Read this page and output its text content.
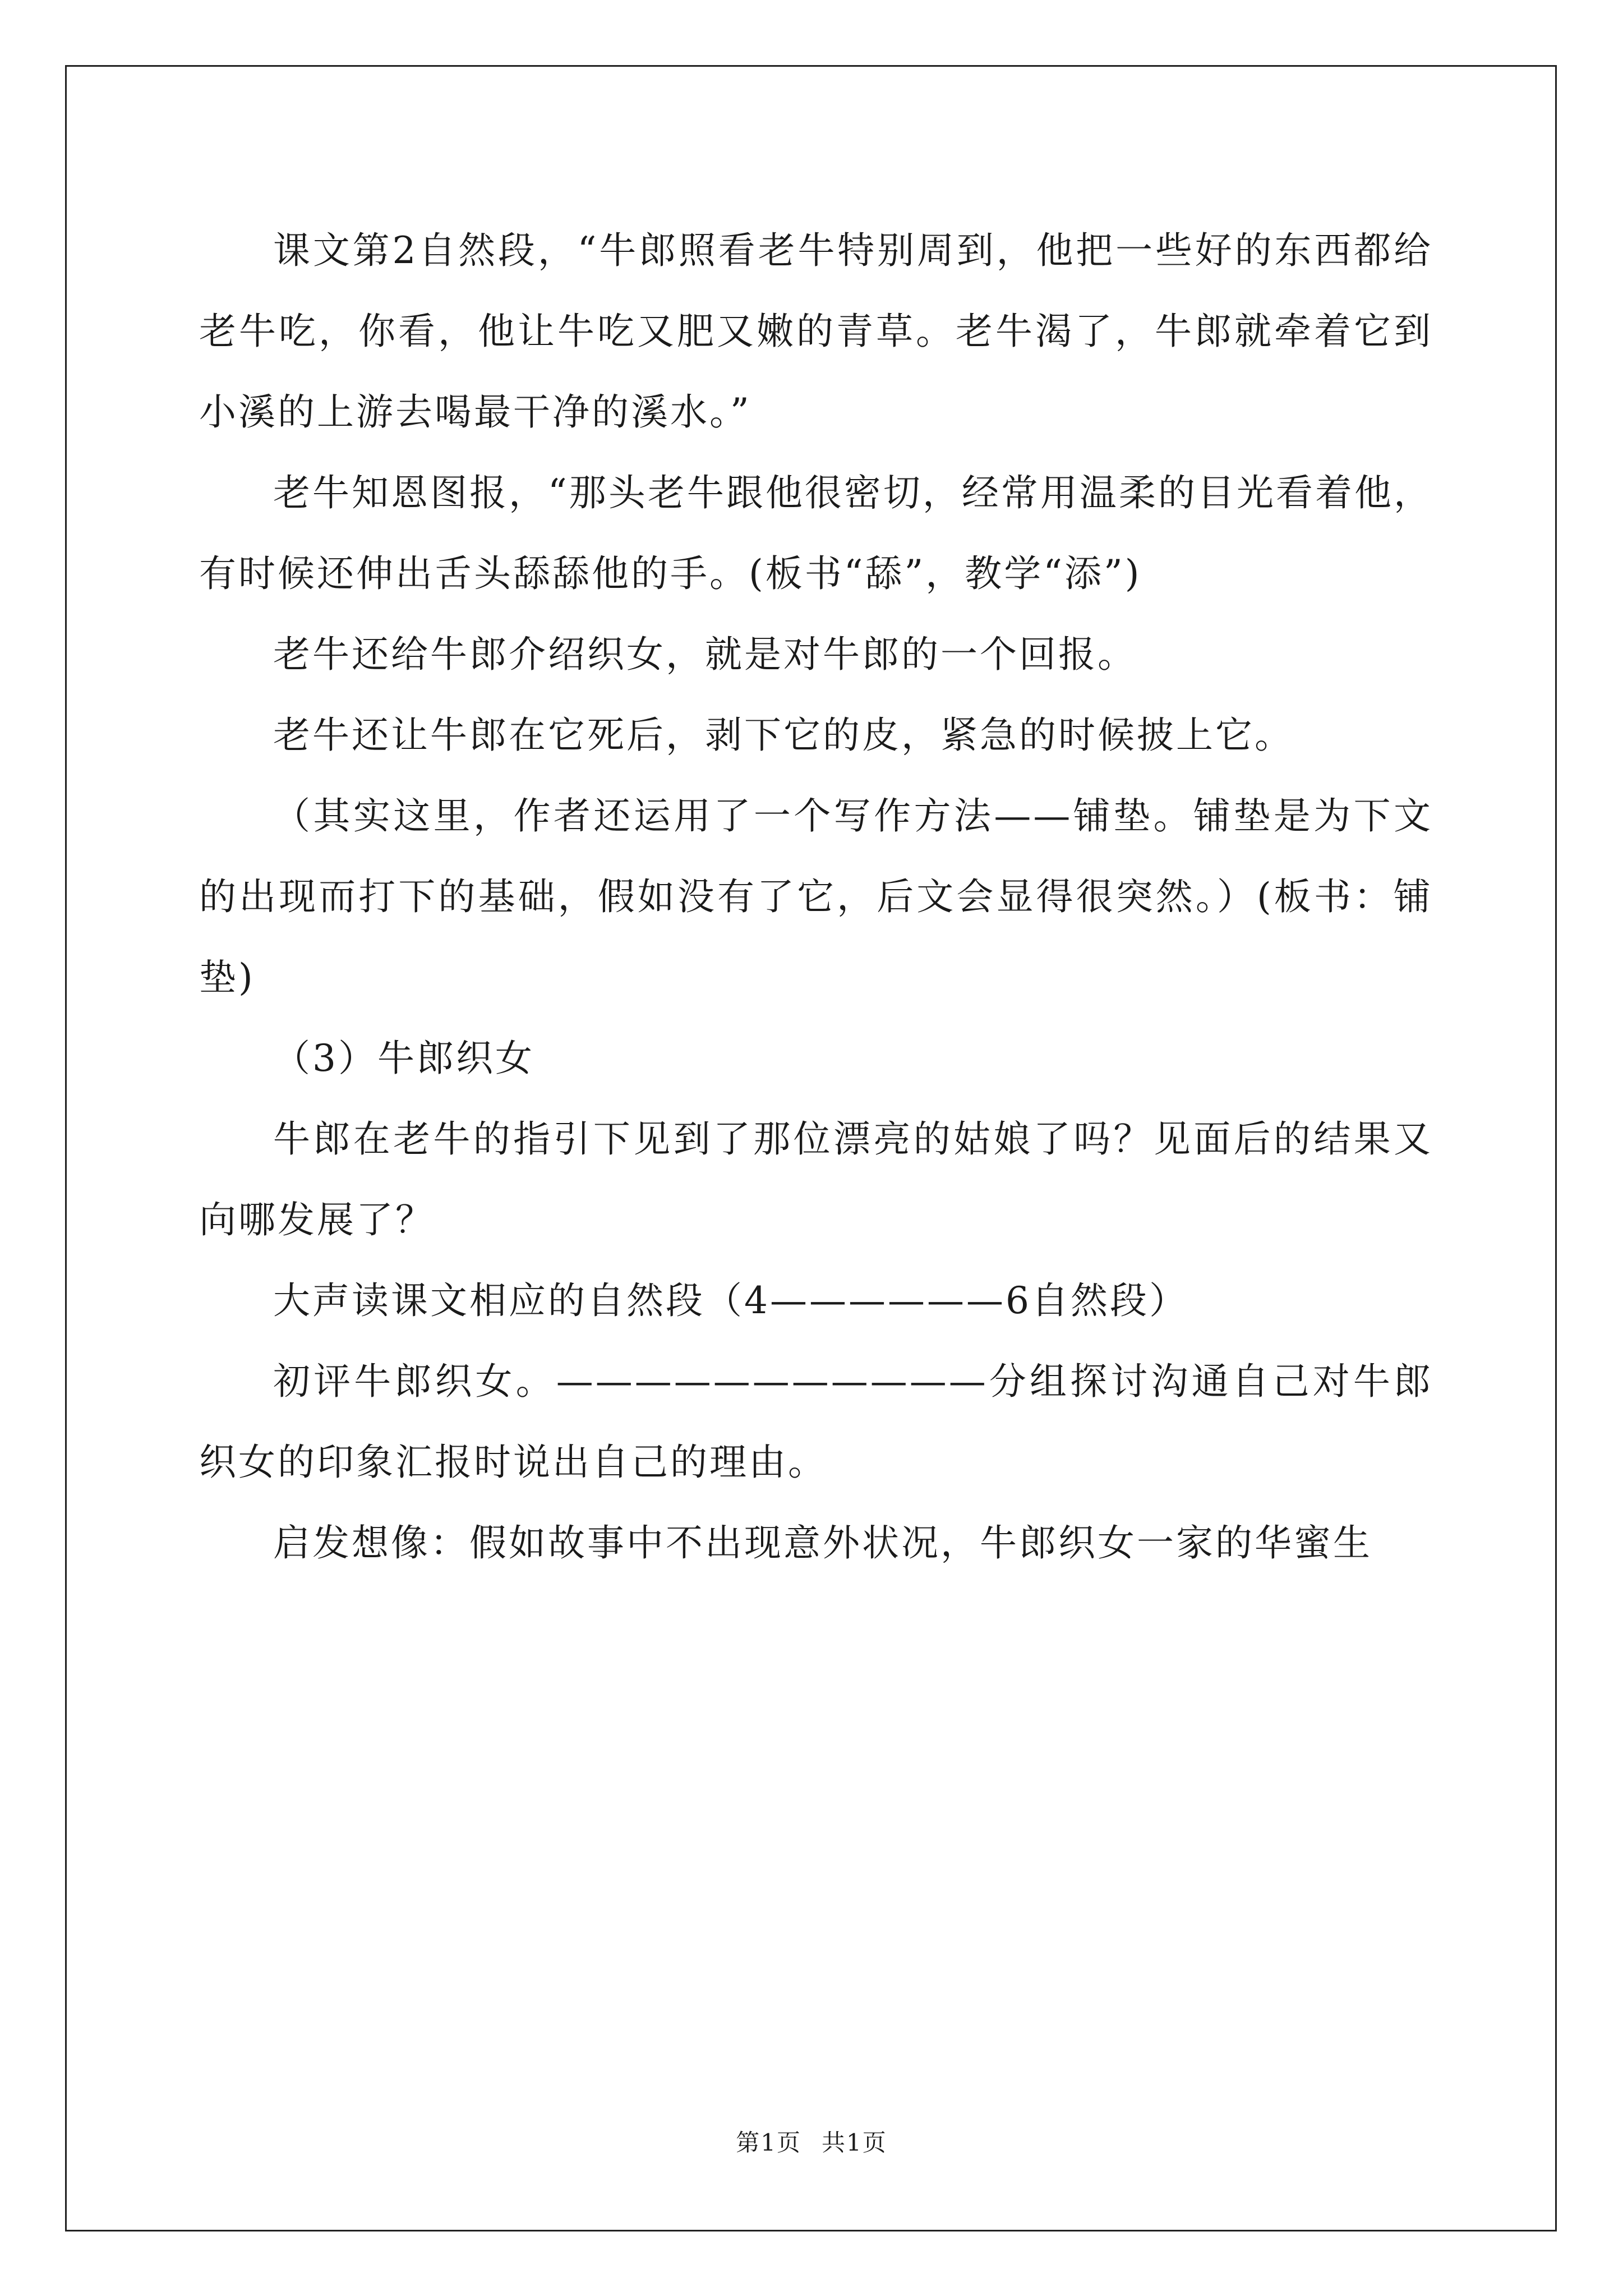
课文第2自然段，“牛郎照看老牛特别周到，他把一些好的东西都给老牛吃，你看，他让牛吃又肥又嫩的青草。老牛渴了，牛郎就牵着它到小溪的上游去喝最干净的溪水。”

老牛知恩图报，“那头老牛跟他很密切，经常用温柔的目光看着他，有时候还伸出舌头舔舔他的手。(板书“舔”，教学“添”)

老牛还给牛郎介绍织女，就是对牛郎的一个回报。

老牛还让牛郎在它死后，剥下它的皮，紧急的时候披上它。

（其实这里，作者还运用了一个写作方法——铺垫。铺垫是为下文的出现而打下的基础，假如没有了它，后文会显得很突然。）(板书：铺垫)

（3）牛郎织女

牛郎在老牛的指引下见到了那位漂亮的姑娘了吗？见面后的结果又向哪发展了？

大声读课文相应的自然段（4——————6自然段）

初评牛郎织女。———————————分组探讨沟通自己对牛郎织女的印象汇报时说出自己的理由。

启发想像：假如故事中不出现意外状况，牛郎织女一家的华蜜生

第1页 共1页
